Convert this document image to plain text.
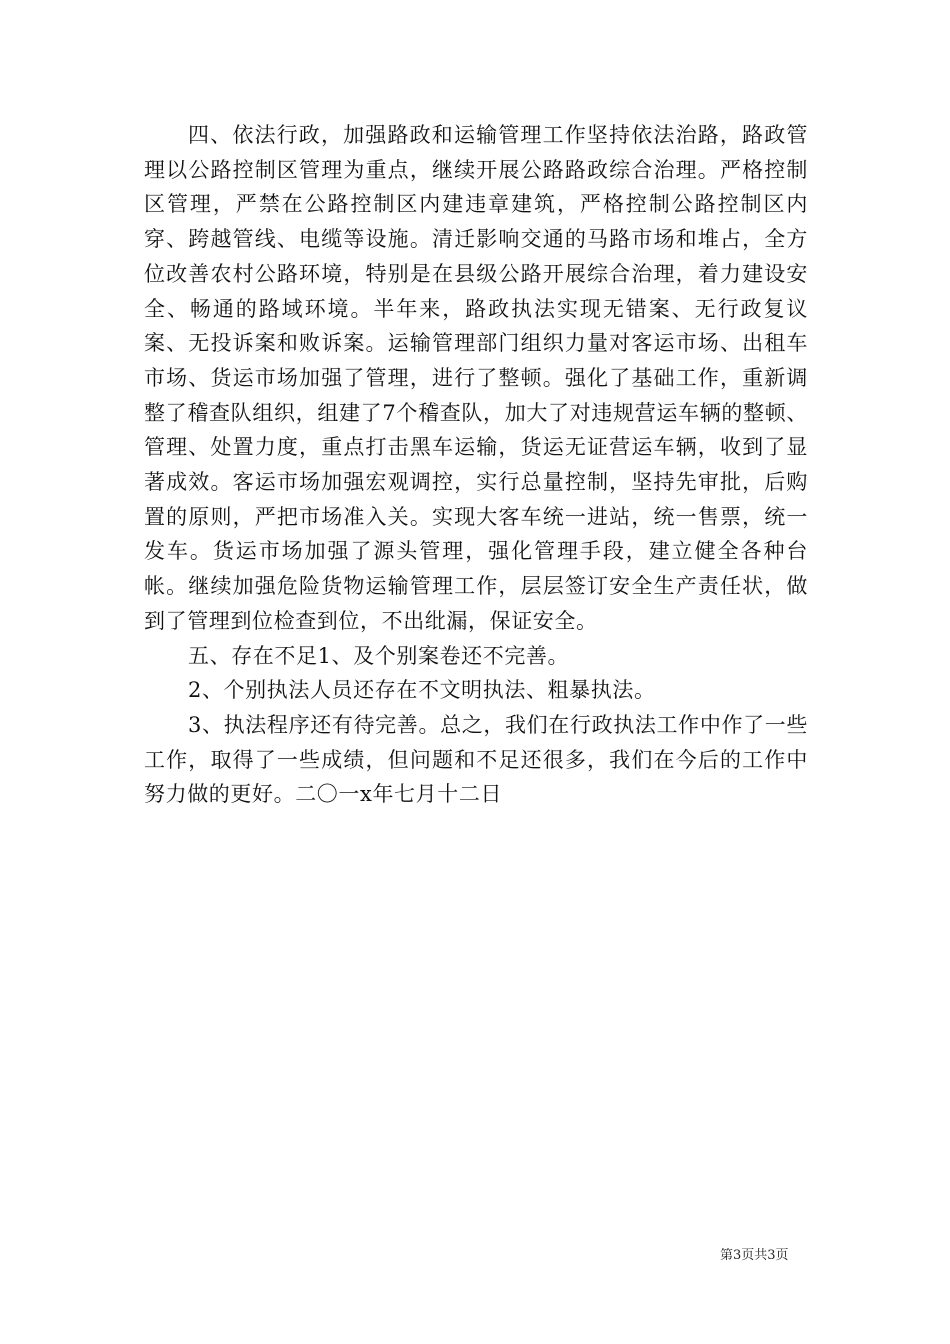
四、依法行政，加强路政和运输管理工作坚持依法治路，路政管理以公路控制区管理为重点，继续开展公路路政综合治理。严格控制区管理，严禁在公路控制区内建违章建筑，严格控制公路控制区内穿、跨越管线、电缆等设施。清迁影响交通的马路市场和堆占，全方位改善农村公路环境，特别是在县级公路开展综合治理，着力建设安全、畅通的路域环境。半年来，路政执法实现无错案、无行政复议案、无投诉案和败诉案。运输管理部门组织力量对客运市场、出租车市场、货运市场加强了管理，进行了整顿。强化了基础工作，重新调整了稽查队组织，组建了7个稽查队，加大了对违规营运车辆的整顿、管理、处置力度，重点打击黑车运输，货运无证营运车辆，收到了显著成效。客运市场加强宏观调控，实行总量控制，坚持先审批，后购置的原则，严把市场准入关。实现大客车统一进站，统一售票，统一发车。货运市场加强了源头管理，强化管理手段，建立健全各种台帐。继续加强危险货物运输管理工作，层层签订安全生产责任状，做到了管理到位检查到位，不出纰漏，保证安全。

五、存在不足1、及个别案卷还不完善。

2、个别执法人员还存在不文明执法、粗暴执法。

3、执法程序还有待完善。总之，我们在行政执法工作中作了一些工作，取得了一些成绩，但问题和不足还很多，我们在今后的工作中努力做的更好。二〇一x年七月十二日

第3页共3页
